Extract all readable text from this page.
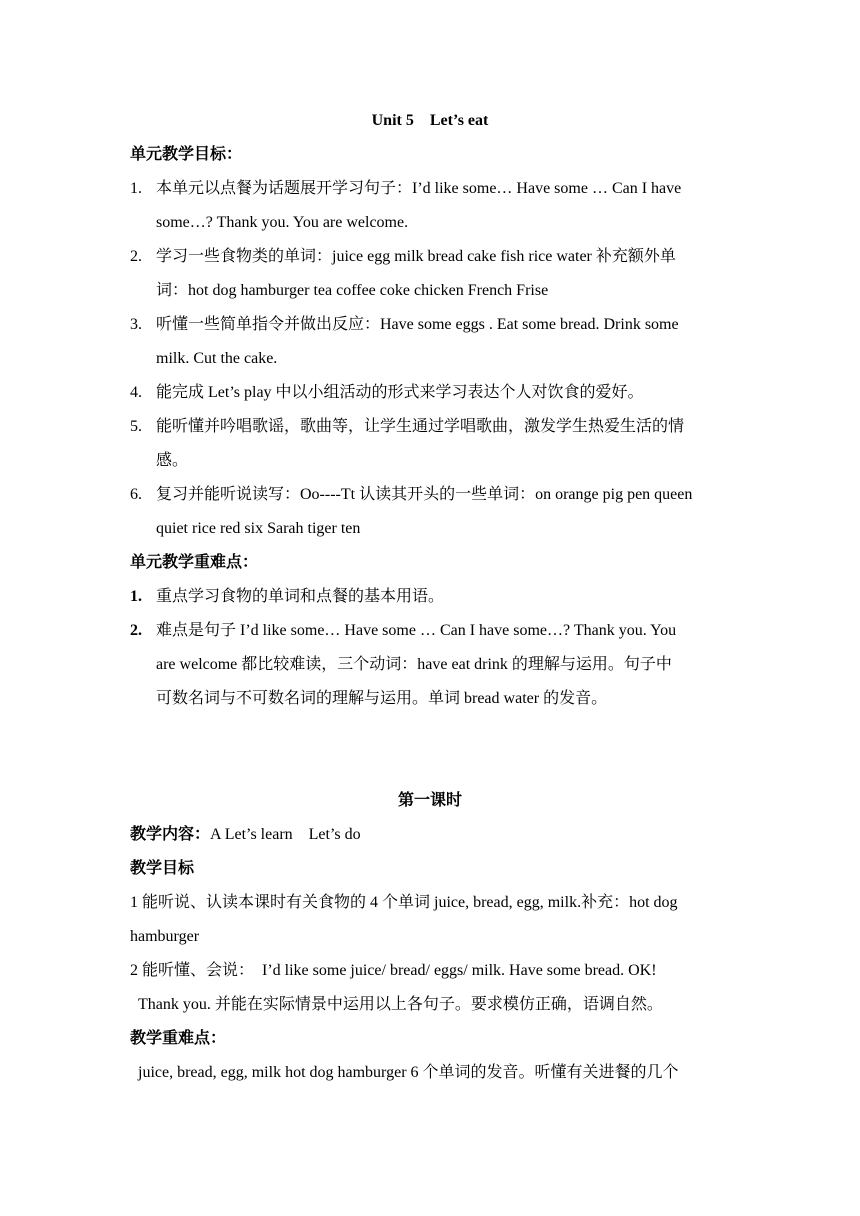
Unit 5　Let’s eat
单元教学目标：
1. 本单元以点餐为话题展开学习句子：I’d like some… Have some … Can I have
some…? Thank you. You are welcome.
2. 学习一些食物类的单词：juice egg milk bread cake fish rice water 补充额外单
词：hot dog hamburger tea coffee coke chicken French Frise
3. 听懂一些简单指令并做出反应：Have some eggs . Eat some bread. Drink some
milk. Cut the cake.
4. 能完成 Let’s play 中以小组活动的形式来学习表达个人对饮食的爱好。
5. 能听懂并吟唱歌谣，歌曲等，让学生通过学唱歌曲，激发学生热爱生活的情
感。
6. 复习并能听说读写：Oo----Tt 认读其开头的一些单词：on orange pig pen queen
quiet rice red six Sarah tiger ten
单元教学重难点：
1. 重点学习食物的单词和点餐的基本用语。
2. 难点是句子 I’d like some… Have some … Can I have some…? Thank you. You
are welcome 都比较难读，三个动词：have eat drink 的理解与运用。句子中
可数名词与不可数名词的理解与运用。单词 bread water 的发音。
第一课时
教学内容：A Let’s learn　Let’s do
教学目标
1 能听说、认读本课时有关食物的 4 个单词 juice, bread, egg, milk.补充：hot dog
hamburger
2 能听懂、会说：　I’d like some juice/ bread/ eggs/ milk. Have some bread. OK!
Thank you. 并能在实际情景中运用以上各句子。要求模仿正确，语调自然。
教学重难点：
juice, bread, egg, milk hot dog hamburger 6 个单词的发音。听懂有关进餐的几个
